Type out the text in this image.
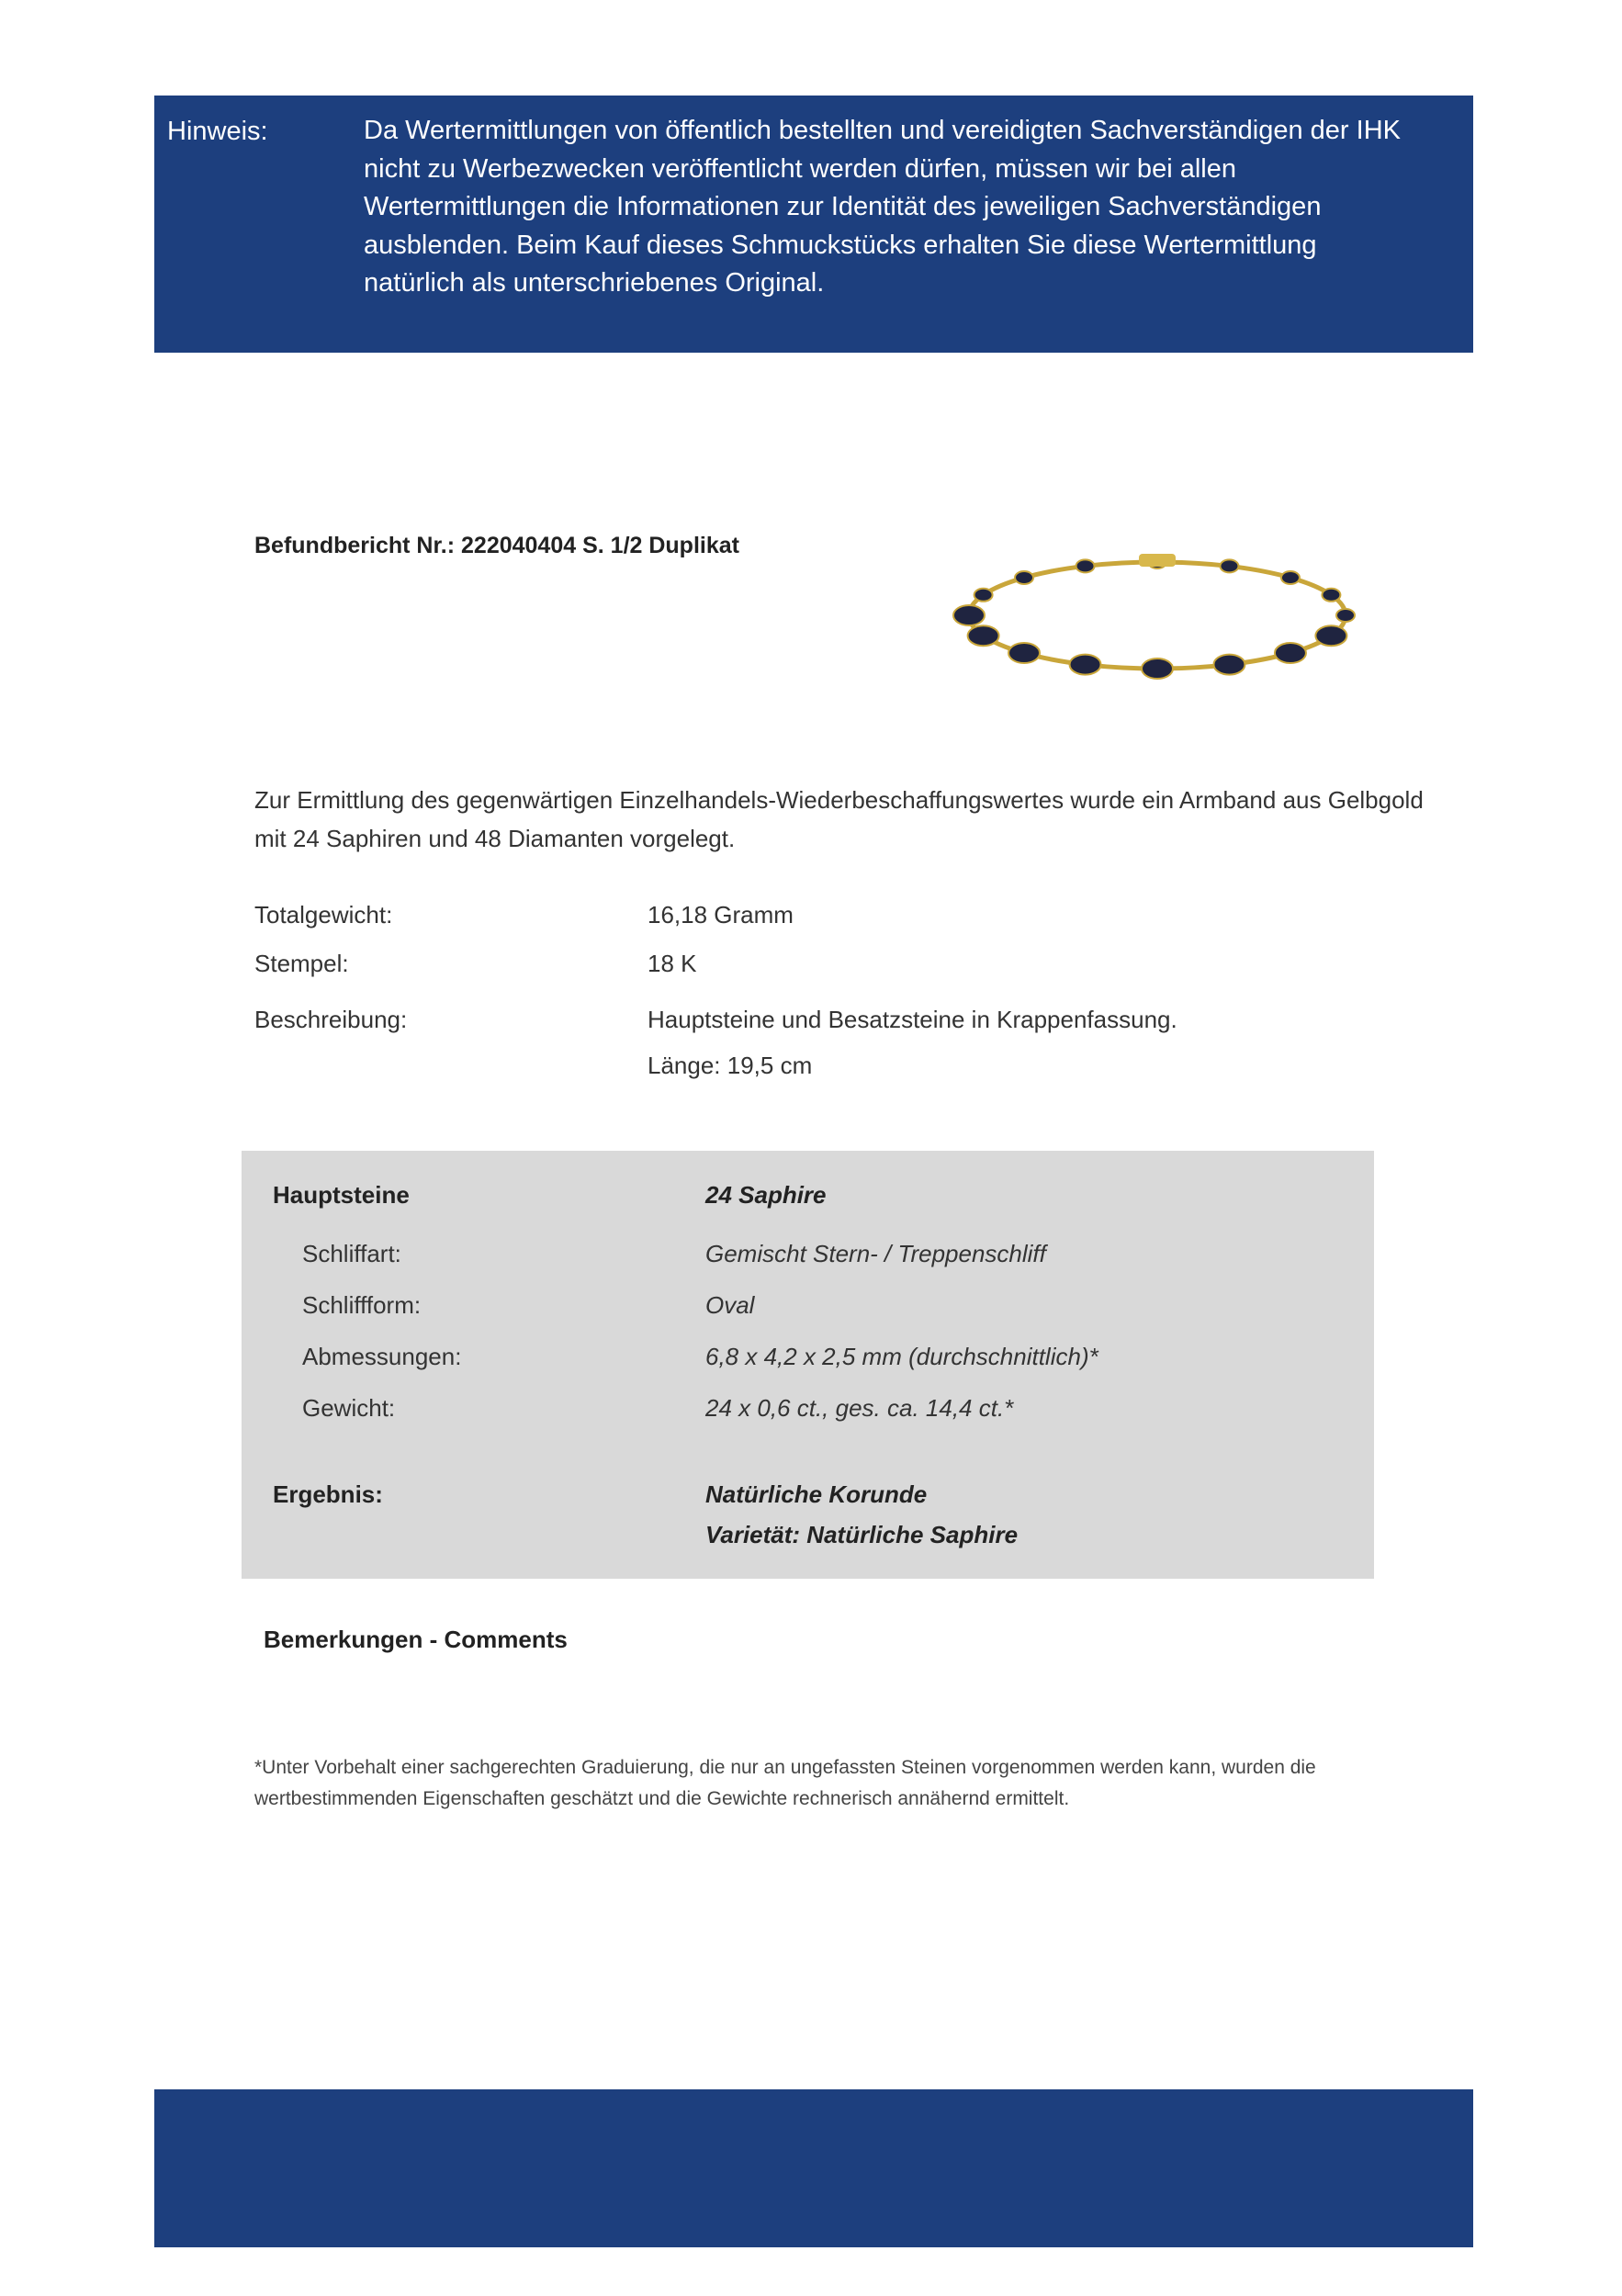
Hinweis:	Da Wertermittlungen von öffentlich bestellten und vereidigten Sachverständigen der IHK nicht zu Werbezwecken veröffentlicht werden dürfen, müssen wir bei allen Wertermittlungen die Informationen zur Identität des jeweiligen Sachverständigen ausblenden. Beim Kauf dieses Schmuckstücks erhalten Sie diese Wertermittlung natürlich als unterschriebenes Original.
Befundbericht Nr.: 222040404 S. 1/2 Duplikat
Zur Ermittlung des gegenwärtigen Einzelhandels-Wiederbeschaffungswertes wurde ein Armband aus Gelbgold mit 24 Saphiren und 48 Diamanten vorgelegt.
Totalgewicht:	16,18 Gramm
Stempel:	18 K
Beschreibung:	Hauptsteine und Besatzsteine in Krappenfassung.
Länge: 19,5 cm
Hauptsteine	24 Saphire
Schliffart:	Gemischt Stern- / Treppenschliff
Schliffform:	Oval
Abmessungen:	6,8 x 4,2 x 2,5 mm (durchschnittlich)*
Gewicht:	24 x 0,6 ct., ges. ca. 14,4 ct.*
Ergebnis:	Natürliche Korunde
Varietät: Natürliche Saphire
Bemerkungen - Comments
*Unter Vorbehalt einer sachgerechten Graduierung, die nur an ungefassten Steinen vorgenommen werden kann, wurden die wertbestimmenden Eigenschaften geschätzt und die Gewichte rechnerisch annähernd ermittelt.
